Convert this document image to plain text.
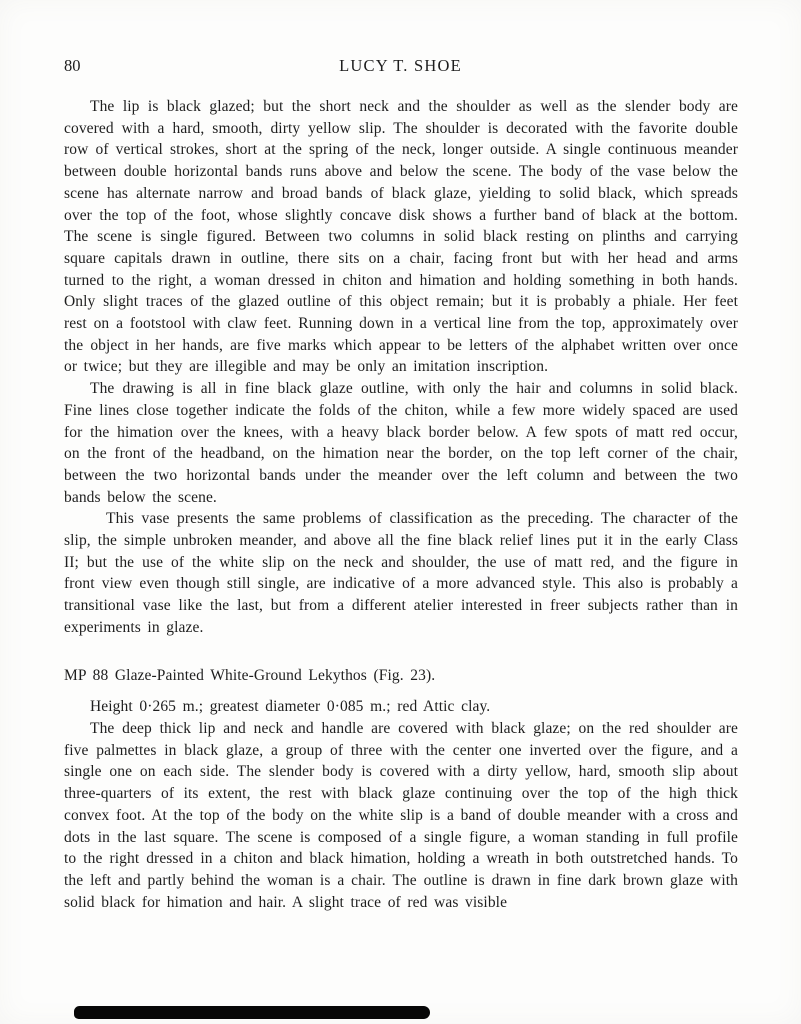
80	LUCY T. SHOE

The lip is black glazed; but the short neck and the shoulder as well as the slender body are covered with a hard, smooth, dirty yellow slip. The shoulder is decorated with the favorite double row of vertical strokes, short at the spring of the neck, longer outside. A single continuous meander between double horizontal bands runs above and below the scene. The body of the vase below the scene has alternate narrow and broad bands of black glaze, yielding to solid black, which spreads over the top of the foot, whose slightly concave disk shows a further band of black at the bottom. The scene is single figured. Between two columns in solid black resting on plinths and carrying square capitals drawn in outline, there sits on a chair, facing front but with her head and arms turned to the right, a woman dressed in chiton and himation and holding something in both hands. Only slight traces of the glazed outline of this object remain; but it is probably a phiale. Her feet rest on a footstool with claw feet. Running down in a vertical line from the top, approximately over the object in her hands, are five marks which appear to be letters of the alphabet written over once or twice; but they are illegible and may be only an imitation inscription.

The drawing is all in fine black glaze outline, with only the hair and columns in solid black. Fine lines close together indicate the folds of the chiton, while a few more widely spaced are used for the himation over the knees, with a heavy black border below. A few spots of matt red occur, on the front of the headband, on the himation near the border, on the top left corner of the chair, between the two horizontal bands under the meander over the left column and between the two bands below the scene.

This vase presents the same problems of classification as the preceding. The character of the slip, the simple unbroken meander, and above all the fine black relief lines put it in the early Class II; but the use of the white slip on the neck and shoulder, the use of matt red, and the figure in front view even though still single, are indicative of a more advanced style. This also is probably a transitional vase like the last, but from a different atelier interested in freer subjects rather than in experiments in glaze.

MP 88 Glaze-Painted White-Ground Lekythos (Fig. 23).

Height 0·265 m.; greatest diameter 0·085 m.; red Attic clay.

The deep thick lip and neck and handle are covered with black glaze; on the red shoulder are five palmettes in black glaze, a group of three with the center one inverted over the figure, and a single one on each side. The slender body is covered with a dirty yellow, hard, smooth slip about three-quarters of its extent, the rest with black glaze continuing over the top of the high thick convex foot. At the top of the body on the white slip is a band of double meander with a cross and dots in the last square. The scene is composed of a single figure, a woman standing in full profile to the right dressed in a chiton and black himation, holding a wreath in both outstretched hands. To the left and partly behind the woman is a chair. The outline is drawn in fine dark brown glaze with solid black for himation and hair. A slight trace of red was visible
